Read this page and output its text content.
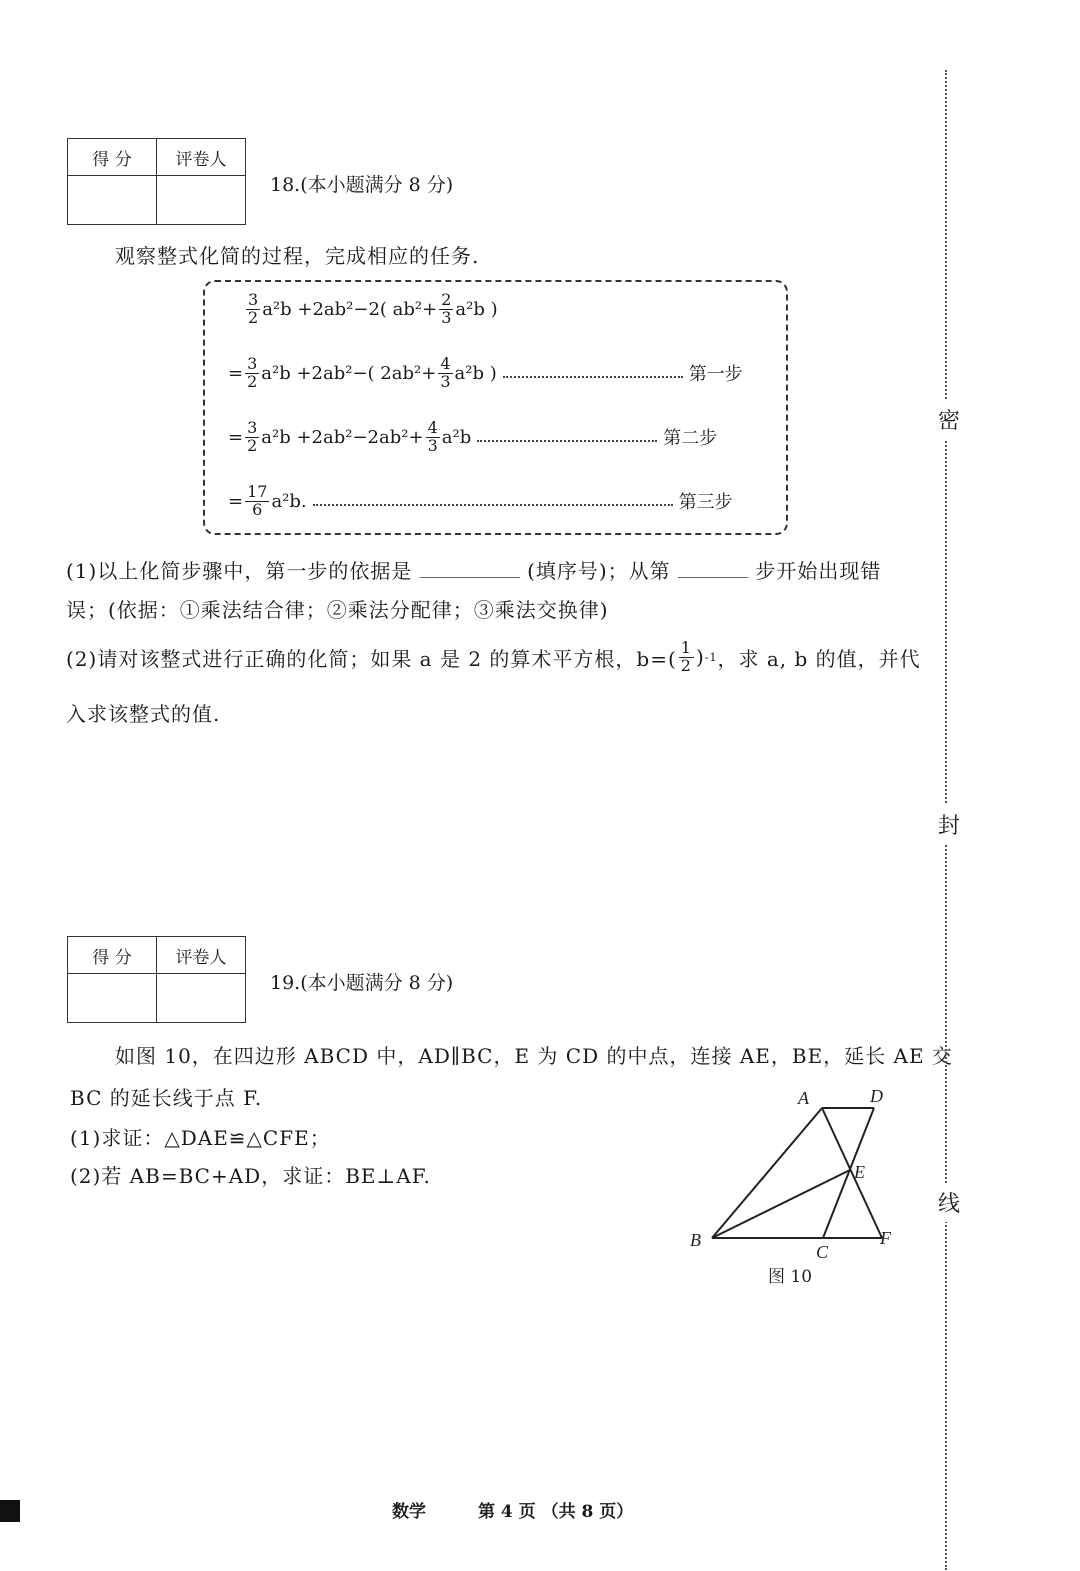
得 分	评卷人

18.(本小题满分 8 分)
观察整式化简的过程，完成相应的任务.
$\frac{3}{2} a^2b +2ab^2-2$( $ab^2+ \frac{2}{3} a^2b$ )
= $\frac{3}{2} a^2b +2ab^2-$( $2ab^2+ \frac{4}{3} a^2b$ )	第一步
= $\frac{3}{2} a^2b +2ab^2-2ab^2+ \frac{4}{3} a^2b$	第二步
= $\frac{17}{6} a^2b$.	第三步
(1)以上化简步骤中，第一步的依据是	(填序号)；从第	步开始出现错
误；(依据：①乘法结合律；②乘法分配律；③乘法交换律)
(2)请对该整式进行正确的化简；如果 a 是 2 的算术平方根，$b=( \frac{1}{2}$ ) -1 ，求 a, b 的值，并代
入求该整式的值.
得 分	评卷人

19.(本小题满分 8 分)
如图 10，在四边形 ABCD 中，AD∥BC，E 为 CD 的中点，连接 AE，BE，延长 AE 交
BC 的延长线于点 F.
(1)求证：△DAE≌△CFE；
(2)若 AB=BC+AD，求证：BE⊥AF.
A	D
E
B
C
F
图 10
密
封
线
数学	第 4 页 （共 8 页）
